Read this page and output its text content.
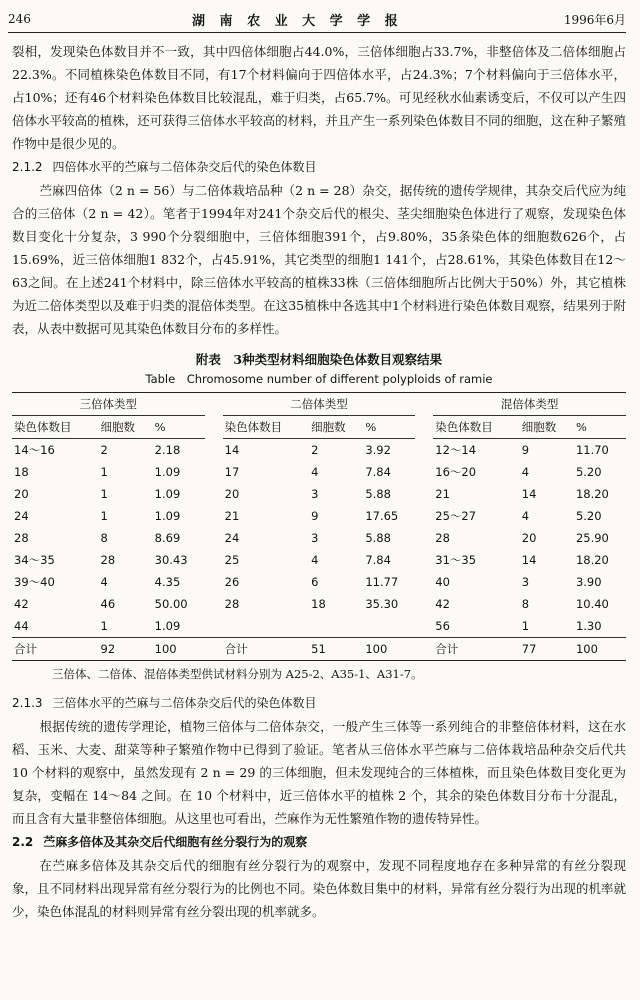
246	湖 南 农 业 大 学 学 报	1996年6月

裂相，发现染色体数目并不一致，其中四倍体细胞占44.0%，三倍体细胞占33.7%，非整倍体及二倍体细胞占22.3%。不同植株染色体数目不同，有17个材料偏向于四倍体水平，占24.3%；7个材料偏向于三倍体水平，占10%；还有46个材料染色体数目比较混乱，难于归类，占65.7%。可见经秋水仙素诱变后，不仅可以产生四倍体水平较高的植株，还可获得三倍体水平较高的材料，并且产生一系列染色体数目不同的细胞，这在种子繁殖作物中是很少见的。

2.1.2 四倍体水平的苎麻与二倍体杂交后代的染色体数目

苎麻四倍体（2 n = 56）与二倍体栽培品种（2 n = 28）杂交，据传统的遗传学规律，其杂交后代应为纯合的三倍体（2 n = 42）。笔者于1994年对241个杂交后代的根尖、茎尖细胞染色体进行了观察，发现染色体数目变化十分复杂，3 990个分裂细胞中，三倍体细胞391个，占9.80%，35条染色体的细胞数626个，占15.69%，近三倍体细胞1 832个，占45.91%，其它类型的细胞1 141个，占28.61%，其染色体数目在12～63之间。在上述241个材料中，除三倍体水平较高的植株33株（三倍体细胞所占比例大于50%）外，其它植株为近二倍体类型以及难于归类的混倍体类型。在这35植株中各选其中1个材料进行染色体数目观察，结果列于附表，从表中数据可见其染色体数目分布的多样性。

附表　3种类型材料细胞染色体数目观察结果
Table　Chromosome number of different polyploids of ramie
三倍体类型				二倍体类型				混倍体类型		
染色体数目	细胞数	%		染色体数目	细胞数	%		染色体数目	细胞数	%
14～16	2	2.18		14	2	3.92		12～14	9	11.70
18	1	1.09		17	4	7.84		16～20	4	5.20
20	1	1.09		20	3	5.88		21	14	18.20
24	1	1.09		21	9	17.65		25～27	4	5.20
28	8	8.69		24	3	5.88		28	20	25.90
34～35	28	30.43		25	4	7.84		31～35	14	18.20
39～40	4	4.35		26	6	11.77		40	3	3.90
42	46	50.00		28	18	35.30		42	8	10.40
44	1	1.09						56	1	1.30
合计	92	100		合计	51	100		合计	77	100
三倍体、二倍体、混倍体类型供试材料分别为 A25-2、A35-1、A31-7。

2.1.3 三倍体水平的苎麻与二倍体杂交后代的染色体数目

根据传统的遗传学理论，植物三倍体与二倍体杂交，一般产生三体等一系列纯合的非整倍体材料，这在水稻、玉米、大麦、甜菜等种子繁殖作物中已得到了验证。笔者从三倍体水平苎麻与二倍体栽培品种杂交后代共 10 个材料的观察中，虽然发现有 2 n = 29 的三体细胞，但未发现纯合的三体植株，而且染色体数目变化更为复杂，变幅在 14～84 之间。在 10 个材料中，近三倍体水平的植株 2 个，其余的染色体数目分布十分混乱，而且含有大量非整倍体细胞。从这里也可看出，苎麻作为无性繁殖作物的遗传特异性。

2.2 苎麻多倍体及其杂交后代细胞有丝分裂行为的观察

在苎麻多倍体及其杂交后代的细胞有丝分裂行为的观察中，发现不同程度地存在多种异常的有丝分裂现象，且不同材料出现异常有丝分裂行为的比例也不同。染色体数目集中的材料，异常有丝分裂行为出现的机率就少，染色体混乱的材料则异常有丝分裂出现的机率就多。
